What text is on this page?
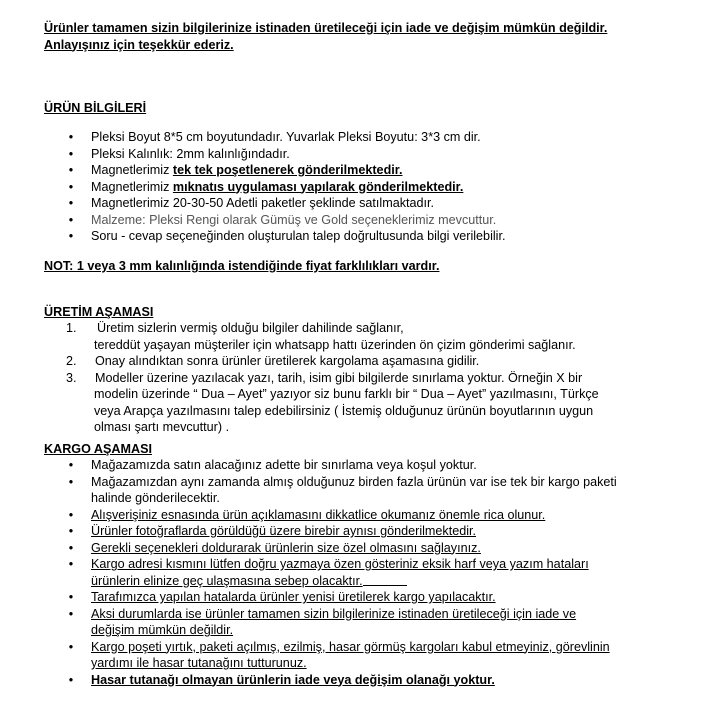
Ürünler tamamen sizin bilgilerinize istinaden üretileceği için iade ve değişim mümkün değildir.
Anlayışınız için teşekkür ederiz.
ÜRÜN BİLGİLERİ
• Pleksi Boyut 8*5 cm boyutundadır. Yuvarlak Pleksi Boyutu: 3*3 cm dir.
• Pleksi Kalınlık: 2mm kalınlığındadır.
• Magnetlerimiz tek tek poşetlenerek gönderilmektedir.
• Magnetlerimiz mıknatıs uygulaması yapılarak gönderilmektedir.
• Magnetlerimiz 20-30-50 Adetli paketler şeklinde satılmaktadır.
• Malzeme: Pleksi Rengi olarak Gümüş ve Gold seçeneklerimiz mevcuttur.
• Soru - cevap seçeneğinden oluşturulan talep doğrultusunda bilgi verilebilir.
NOT: 1 veya 3 mm kalınlığında istendiğinde fiyat farklılıkları vardır.
ÜRETİM AŞAMASI
1. Üretim sizlerin vermiş olduğu bilgiler dahilinde sağlanır,
tereddüt yaşayan müşteriler için whatsapp hattı üzerinden ön çizim gönderimi sağlanır.
2. Onay alındıktan sonra ürünler üretilerek kargolama aşamasına gidilir.
3. Modeller üzerine yazılacak yazı, tarih, isim gibi bilgilerde sınırlama yoktur. Örneğin X bir
modelin üzerinde “ Dua – Ayet” yazıyor siz bunu farklı bir “ Dua – Ayet” yazılmasını, Türkçe
veya Arapça yazılmasını talep edebilirsiniz ( İstemiş olduğunuz ürünün boyutlarının uygun
olması şartı mevcuttur) .
KARGO AŞAMASI
• Mağazamızda satın alacağınız adette bir sınırlama veya koşul yoktur.
• Mağazamızdan aynı zamanda almış olduğunuz birden fazla ürünün var ise tek bir kargo paketi
halinde gönderilecektir.
• Alışverişiniz esnasında ürün açıklamasını dikkatlice okumanız önemle rica olunur.
• Ürünler fotoğraflarda görüldüğü üzere birebir aynısı gönderilmektedir.
• Gerekli seçenekleri doldurarak ürünlerin size özel olmasını sağlayınız.
• Kargo adresi kısmını lütfen doğru yazmaya özen gösteriniz eksik harf veya yazım hataları
ürünlerin elinize geç ulaşmasına sebep olacaktır.
• Tarafımızca yapılan hatalarda ürünler yenisi üretilerek kargo yapılacaktır.
• Aksi durumlarda ise ürünler tamamen sizin bilgilerinize istinaden üretileceği için iade ve
değişim mümkün değildir.
• Kargo poşeti yırtık, paketi açılmış, ezilmiş, hasar görmüş kargoları kabul etmeyiniz, görevlinin
yardımı ile hasar tutanağını tutturunuz.
• Hasar tutanağı olmayan ürünlerin iade veya değişim olanağı yoktur.
